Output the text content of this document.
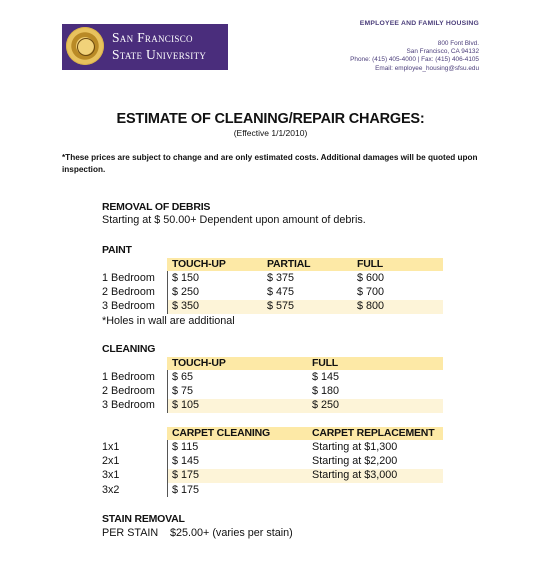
San Francisco
State University
EMPLOYEE AND FAMILY HOUSING
800 Font Blvd.
San Francisco, CA 94132
Phone: (415) 405-4000 | Fax: (415) 406-4105
Email: employee_housing@sfsu.edu
ESTIMATE OF CLEANING/REPAIR CHARGES:
(Effective 1/1/2010)
*These prices are subject to change and are only estimated costs. Additional damages will be quoted upon inspection.
REMOVAL OF DEBRIS
Starting at $ 50.00+ Dependent upon amount of debris.
PAINT
TOUCH-UP	PARTIAL	FULL
1 Bedroom $ 150	$ 375	$ 600
2 Bedroom $ 250	$ 475	$ 700
3 Bedroom $ 350	$ 575	$ 800
*Holes in wall are additional
CLEANING
TOUCH-UP	FULL
1 Bedroom $ 65	$ 145
2 Bedroom $ 75	$ 180
3 Bedroom $ 105	$ 250
CARPET CLEANING	CARPET REPLACEMENT
1x1	$ 115	Starting at $1,300
2x1	$ 145	Starting at $2,200
3x1	$ 175	Starting at $3,000
3x2	$ 175
STAIN REMOVAL
PER STAIN $25.00+ (varies per stain)
